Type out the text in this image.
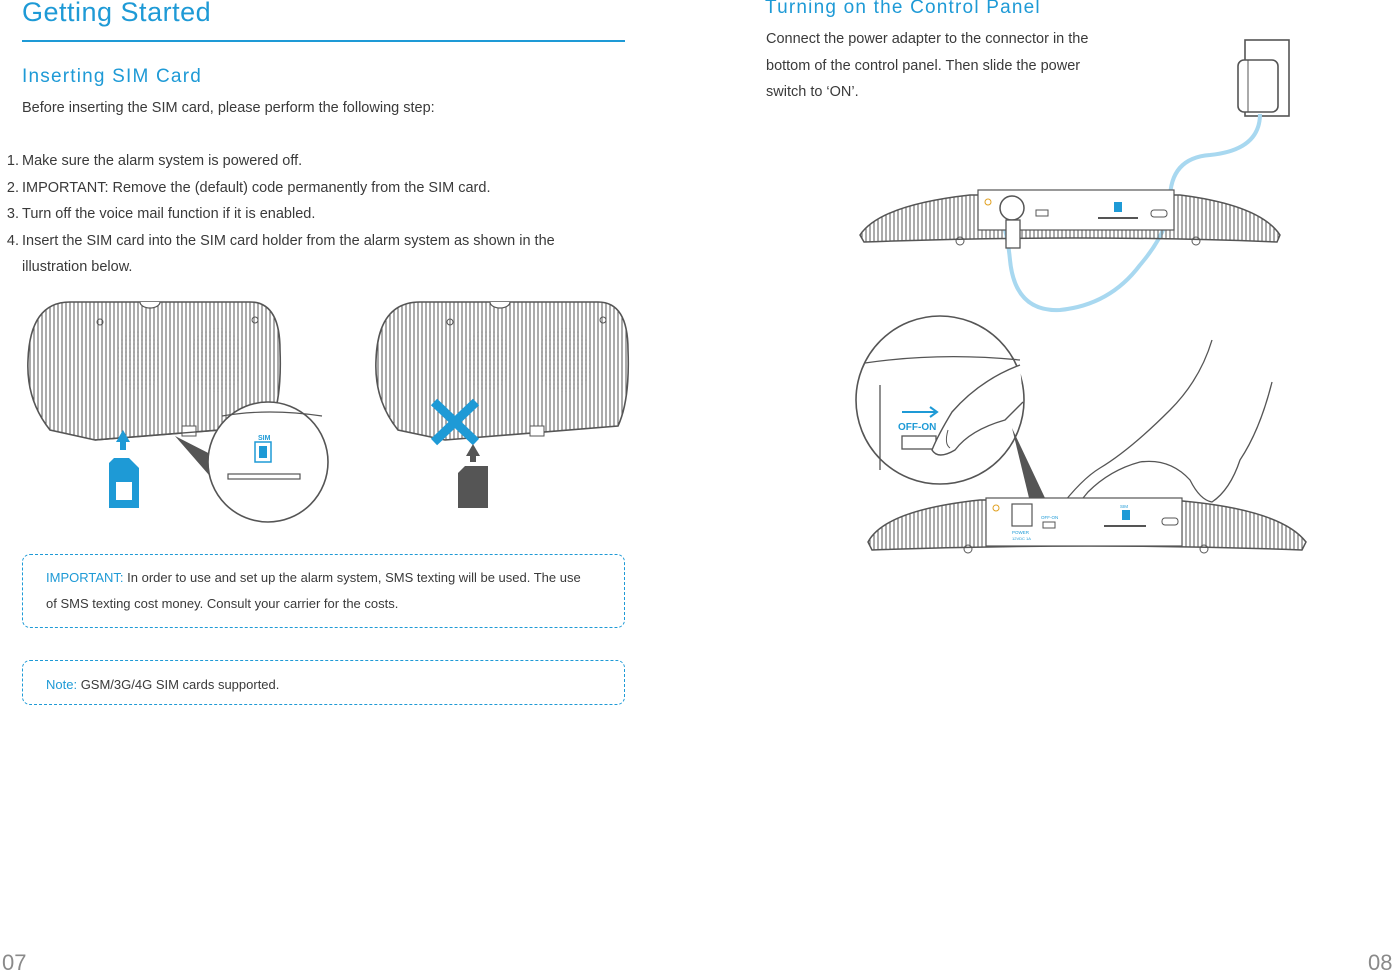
Getting Started
Inserting SIM Card
Before inserting the SIM card, please perform the following step:
1. Make sure the alarm system is powered off.
2. IMPORTANT: Remove the (default) code permanently from the SIM card.
3. Turn off the voice mail function if it is enabled.
4. Insert the SIM card into the SIM card holder from the alarm system as shown in the
illustration below.
SIM
IMPORTANT: In order to use and set up the alarm system, SMS texting will be used. The use
of SMS texting cost money. Consult your carrier for the costs.
Note: GSM/3G/4G SIM cards supported.
07
Turning on the Control Panel
Connect the power adapter to the connector in the
bottom of the control panel. Then slide the power
switch to ‘ON’.
OFF-ON
OFF-ON
POWER
12VDC 1A
SIM
08
